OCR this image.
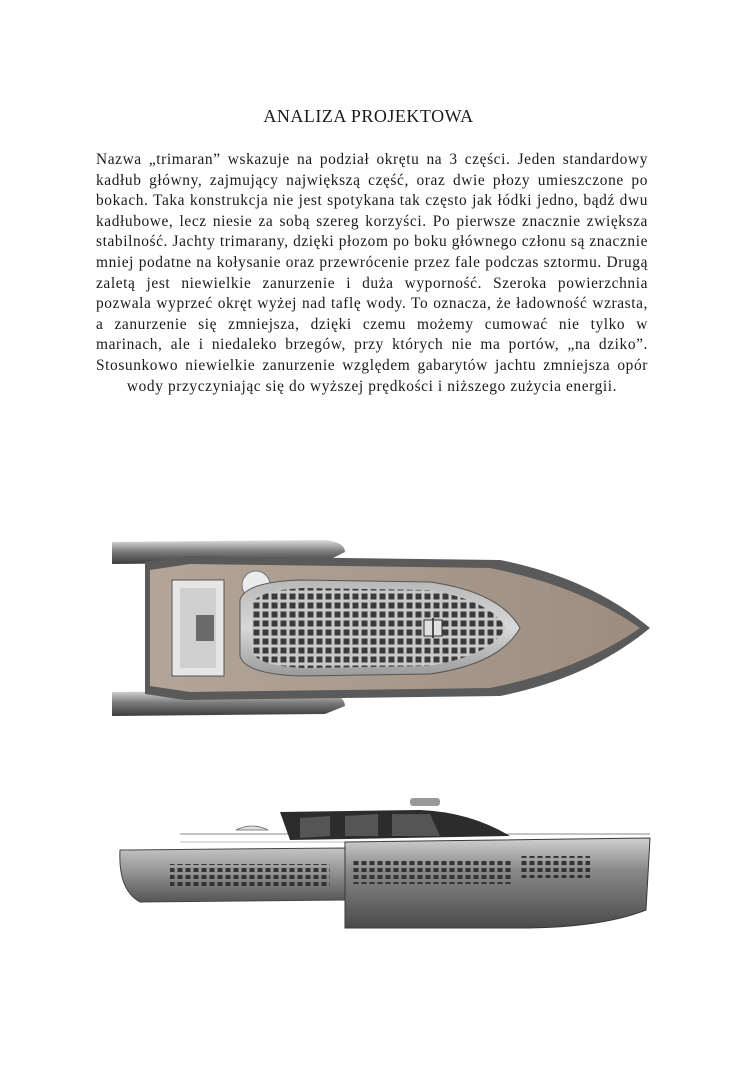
ANALIZA PROJEKTOWA

Nazwa „trimaran” wskazuje na podział okrętu na 3 części. Jeden standardowy kadłub główny, zajmujący największą część, oraz dwie płozy umieszczone po bokach. Taka konstrukcja nie jest spotykana tak często jak łódki jedno, bądź dwu kadłubowe, lecz niesie za sobą szereg korzyści. Po pierwsze znacznie zwiększa stabilność. Jachty trimarany, dzięki płozom po boku głównego członu są znacznie mniej podatne na kołysanie oraz przewrócenie przez fale podczas sztormu. Drugą zaletą jest niewielkie zanurzenie i duża wyporność. Szeroka powierzchnia pozwala wyprzeć okręt wyżej nad taflę wody. To oznacza, że ładowność wzrasta, a zanurzenie się zmniejsza, dzięki czemu możemy cumować nie tylko w marinach, ale i niedaleko brzegów, przy których nie ma portów, „na dziko”. Stosunkowo niewielkie zanurzenie względem gabarytów jachtu zmniejsza opór wody przyczyniając się do wyższej prędkości i niższego zużycia energii.
